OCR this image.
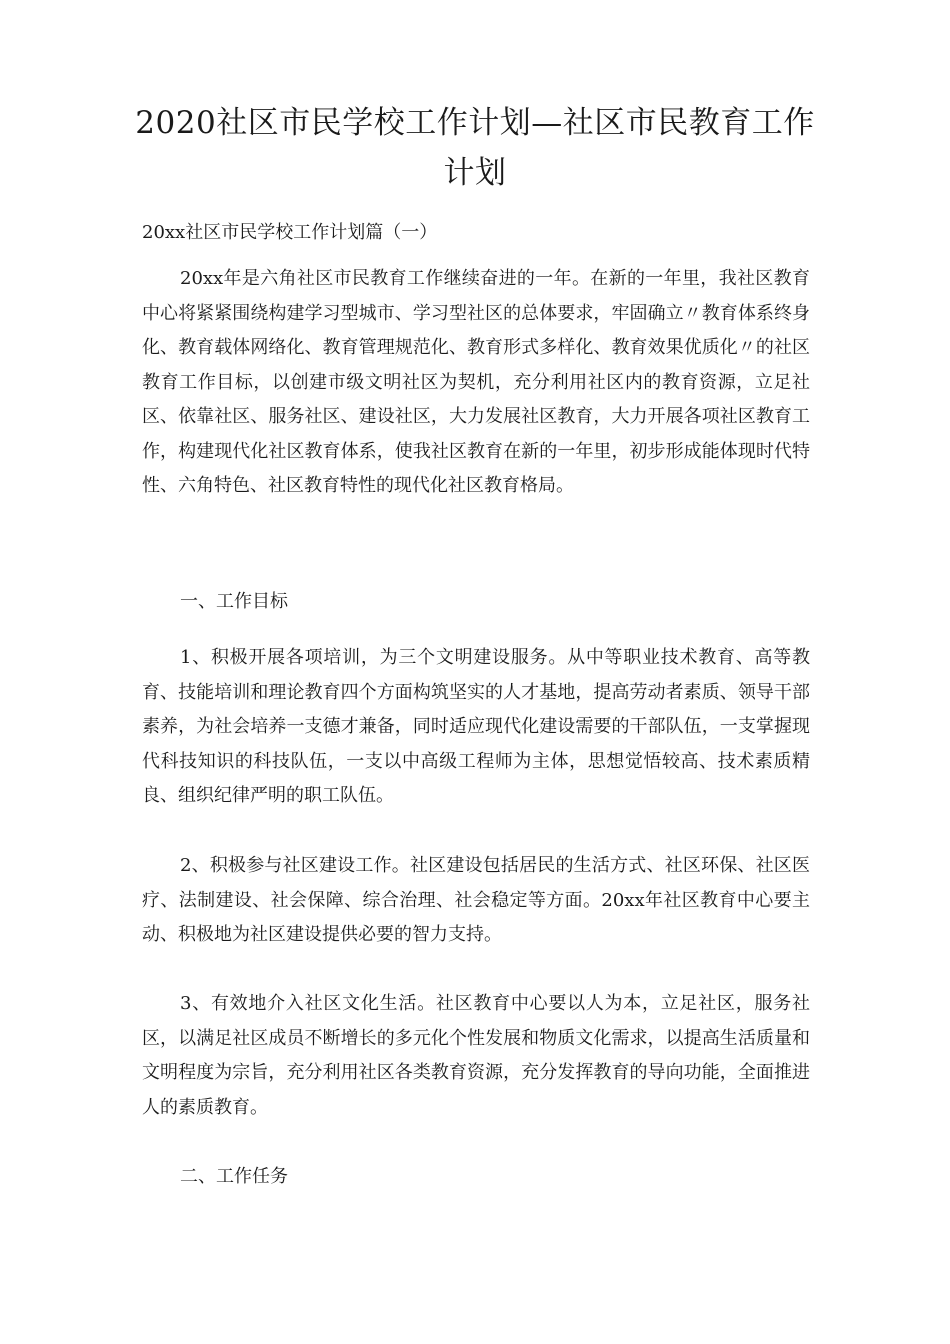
2020社区市民学校工作计划—社区市民教育工作计划

20xx社区市民学校工作计划篇（一）

20xx年是六角社区市民教育工作继续奋进的一年。在新的一年里，我社区教育中心将紧紧围绕构建学习型城市、学习型社区的总体要求，牢固确立〃教育体系终身化、教育载体网络化、教育管理规范化、教育形式多样化、教育效果优质化〃的社区教育工作目标，以创建市级文明社区为契机，充分利用社区内的教育资源，立足社区、依靠社区、服务社区、建设社区，大力发展社区教育，大力开展各项社区教育工作，构建现代化社区教育体系，使我社区教育在新的一年里，初步形成能体现时代特性、六角特色、社区教育特性的现代化社区教育格局。

一、工作目标

1、积极开展各项培训，为三个文明建设服务。从中等职业技术教育、高等教育、技能培训和理论教育四个方面构筑坚实的人才基地，提高劳动者素质、领导干部素养，为社会培养一支德才兼备，同时适应现代化建设需要的干部队伍，一支掌握现代科技知识的科技队伍，一支以中高级工程师为主体，思想觉悟较高、技术素质精良、组织纪律严明的职工队伍。

2、积极参与社区建设工作。社区建设包括居民的生活方式、社区环保、社区医疗、法制建设、社会保障、综合治理、社会稳定等方面。20xx年社区教育中心要主动、积极地为社区建设提供必要的智力支持。

3、有效地介入社区文化生活。社区教育中心要以人为本，立足社区，服务社区，以满足社区成员不断增长的多元化个性发展和物质文化需求，以提高生活质量和文明程度为宗旨，充分利用社区各类教育资源，充分发挥教育的导向功能，全面推进人的素质教育。

二、工作任务
